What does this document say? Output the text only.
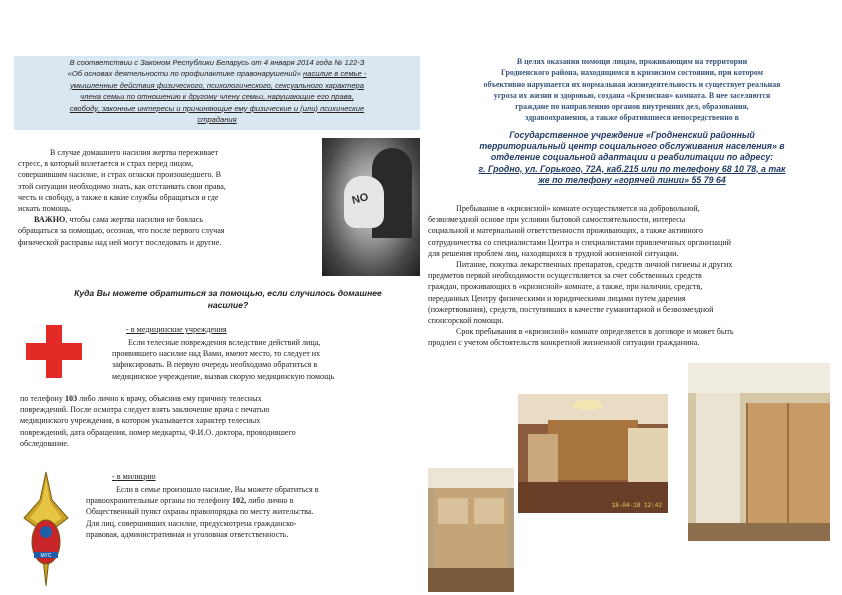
В соответствии с Законом Республики Беларусь от 4 января 2014 года № 122-З
«Об основах деятельности по профилактике правонарушений» насилие в семье -
умышленные действия физического, психологического, сексуального характера
члена семьи по отношению к другому члену семьи, нарушающие его права,
свободу, законные интересы и причиняющие ему физические и (или) психические
страдания
В случае домашнего насилия жертва переживает
стресс, в который вплетается и страх перед лицом,
совершившим насилие, и страх огласки произошедшего. В
этой ситуации необходимо знать, как отстаивать свои права,
честь и свободу, а также в какие службы обращаться и где
искать помощь.
ВАЖНО, чтобы сама жертва насилия не боялась
обращаться за помощью, осознав, что после первого случая
физической расправы над ней могут последовать и другие.
NO
Куда Вы можете обратиться за помощью, если случилось домашнее
насилие?
- в медицинские учреждения
Если телесные повреждения вследствие действий лица,
проявившего насилие над Вами, имеют место, то следует их
зафиксировать. В первую очередь необходимо обратиться в
медицинское учреждение, вызвав скорую медицинскую помощь
по телефону 103 либо лично к врачу, объяснив ему причину телесных
повреждений. После осмотра следует взять заключение врача с печатью
медицинского учреждения, в котором указывается характер телесных
повреждений, дата обращения, номер медкарты, Ф.И.О. доктора, проводившего
обследование.
МУС
- в милицию
Если в семье произошло насилие, Вы можете обратиться в
правоохранительные органы по телефону 102, либо лично в
Общественный пункт охраны правопорядка по месту жительства.
Для лиц, совершивших насилие, предусмотрена гражданско-
правовая, административная и уголовная ответственность.
В целях оказания помощи лицам, проживающим на территории
Гродненского района, находящимся в кризисном состоянии, при котором
объективно нарушается их нормальная жизнедеятельность и существует реальная
угроза их жизни и здоровью, создана «Кризисная» комната. В нее заселяются
граждане по направлению органов внутренних дел, образования,
здравоохранения, а также обратившиеся непосредственно в
Государственное учреждение «Гродненский районный
территориальный центр социального обслуживания населения» в
отделение социальной адаптации и реабилитации по адресу:
г. Гродно, ул. Горького, 72А, каб.215 или по телефону 68 10 78, а так
же по телефону «горячей линии» 55 79 64
Пребывание в «кризисной» комнате осуществляется на добровольной,
безвозмездной основе при условии бытовой самостоятельности, интересы
социальной и материальной ответственности проживающих, а также активного
сотрудничества со специалистами Центра и специалистами привлеченных организаций
для решения проблем лиц, находящихся в трудной жизненной ситуации.
Питание, покупка лекарственных препаратов, средств личной гигиены и других
предметов первой необходимости осуществляется за счет собственных средств
граждан, проживающих в «кризисной» комнате, а также, при наличии, средств,
переданных Центру физическими и юридическими лицами путем дарения
(пожертвования), средств, поступивших в качестве гуманитарной и безвозмездной
спонсорской помощи.
Срок пребывания в «кризисной» комнате определяется в договоре и может быть
продлен с учетом обстоятельств конкретной жизненной ситуации гражданина.
18-04-18 12:42
